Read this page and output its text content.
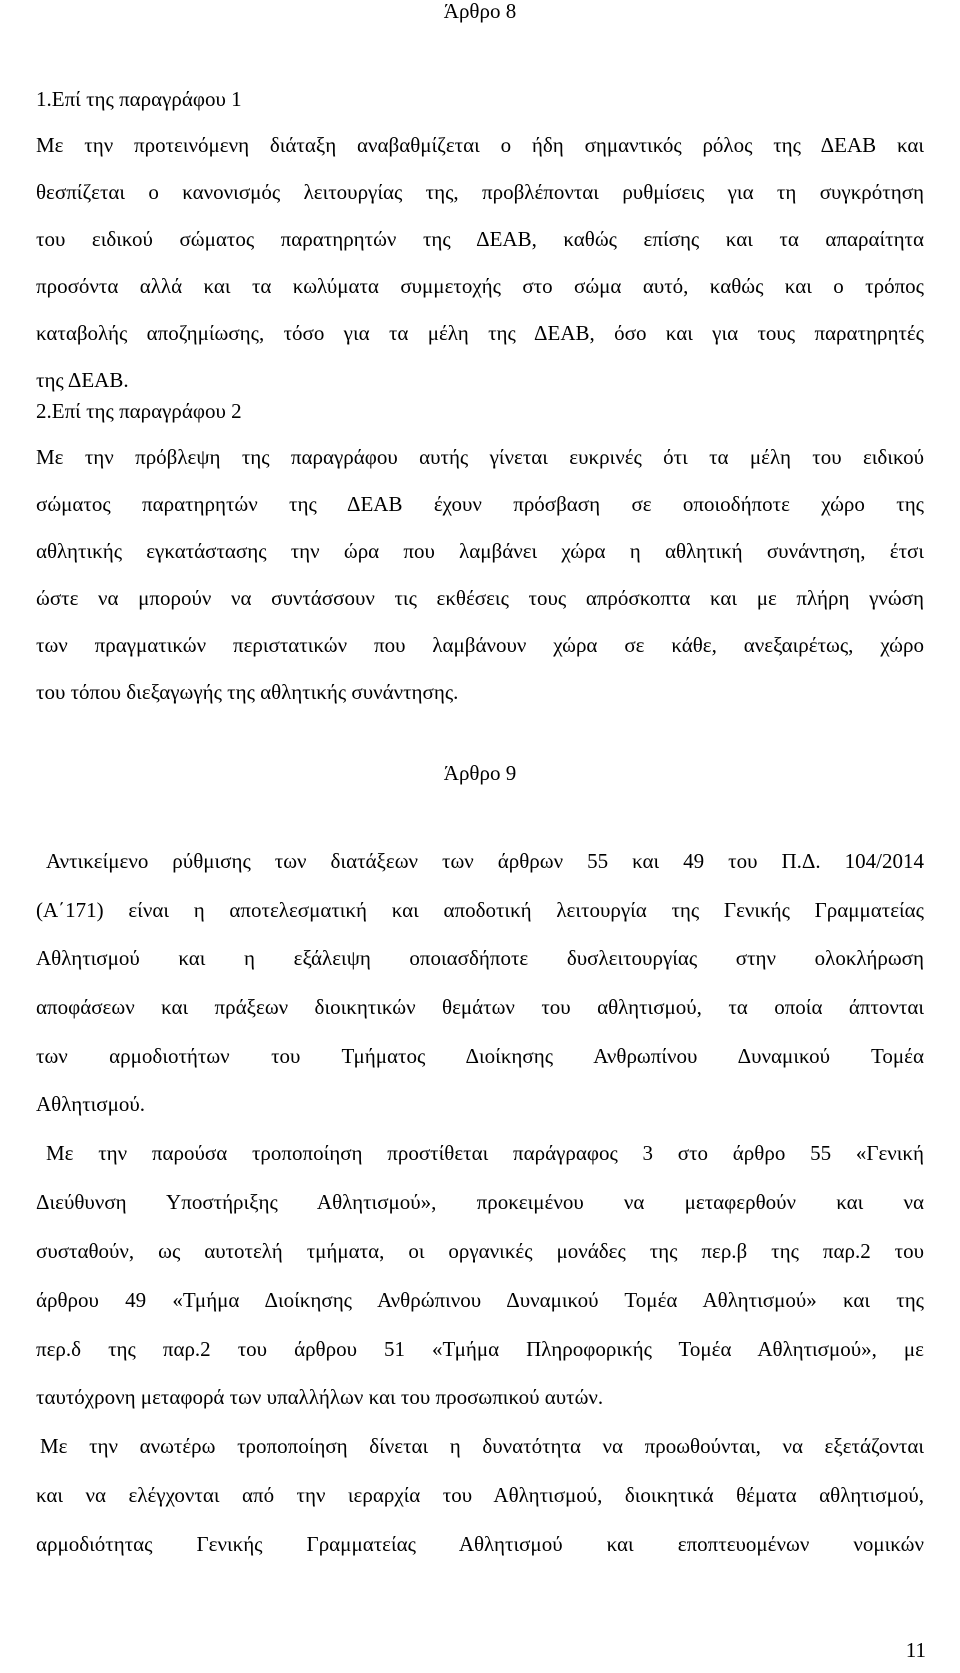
Άρθρο 8
1.Επί της παραγράφου 1
Με την προτεινόμενη διάταξη αναβαθμίζεται ο ήδη σημαντικός ρόλος της ΔΕΑΒ και
θεσπίζεται ο κανονισμός λειτουργίας της, προβλέπονται ρυθμίσεις για τη συγκρότηση
του ειδικού σώματος παρατηρητών της ΔΕΑΒ, καθώς επίσης και τα απαραίτητα
προσόντα αλλά και τα κωλύματα συμμετοχής στο σώμα αυτό, καθώς και ο τρόπος
καταβολής αποζημίωσης, τόσο για τα μέλη της ΔΕΑΒ, όσο και για τους παρατηρητές
της ΔΕΑΒ.
2.Επί της παραγράφου 2
Με την πρόβλεψη της παραγράφου αυτής γίνεται ευκρινές ότι τα μέλη του ειδικού
σώματος παρατηρητών της ΔΕΑΒ έχουν πρόσβαση σε οποιοδήποτε χώρο της
αθλητικής εγκατάστασης την ώρα που λαμβάνει χώρα η αθλητική συνάντηση, έτσι
ώστε να μπορούν να συντάσσουν τις εκθέσεις τους απρόσκοπτα και με πλήρη γνώση
των πραγματικών περιστατικών που λαμβάνουν χώρα σε κάθε, ανεξαιρέτως, χώρο
του τόπου διεξαγωγής της αθλητικής συνάντησης.
Άρθρο 9
Αντικείμενο ρύθμισης των διατάξεων των άρθρων 55 και 49 του Π.Δ. 104/2014
(Α΄171) είναι η αποτελεσματική και αποδοτική λειτουργία της Γενικής Γραμματείας
Αθλητισμού και η εξάλειψη οποιασδήποτε δυσλειτουργίας στην ολοκλήρωση
αποφάσεων και πράξεων διοικητικών θεμάτων του αθλητισμού, τα οποία άπτονται
των αρμοδιοτήτων του Τμήματος Διοίκησης Ανθρωπίνου Δυναμικού Τομέα
Αθλητισμού.
Με την παρούσα τροποποίηση προστίθεται παράγραφος 3 στο άρθρο 55 «Γενική
Διεύθυνση Υποστήριξης Αθλητισμού», προκειμένου να μεταφερθούν και να
συσταθούν, ως αυτοτελή τμήματα, οι οργανικές μονάδες της περ.β της παρ.2 του
άρθρου 49 «Τμήμα Διοίκησης Ανθρώπινου Δυναμικού Τομέα Αθλητισμού» και της
περ.δ της παρ.2 του άρθρου 51 «Τμήμα Πληροφορικής Τομέα Αθλητισμού», με
ταυτόχρονη μεταφορά των υπαλλήλων και του προσωπικού αυτών.
Με την ανωτέρω τροποποίηση δίνεται η δυνατότητα να προωθούνται, να εξετάζονται
και να ελέγχονται από την ιεραρχία του Αθλητισμού, διοικητικά θέματα αθλητισμού,
αρμοδιότητας Γενικής Γραμματείας Αθλητισμού και εποπτευομένων νομικών
11
